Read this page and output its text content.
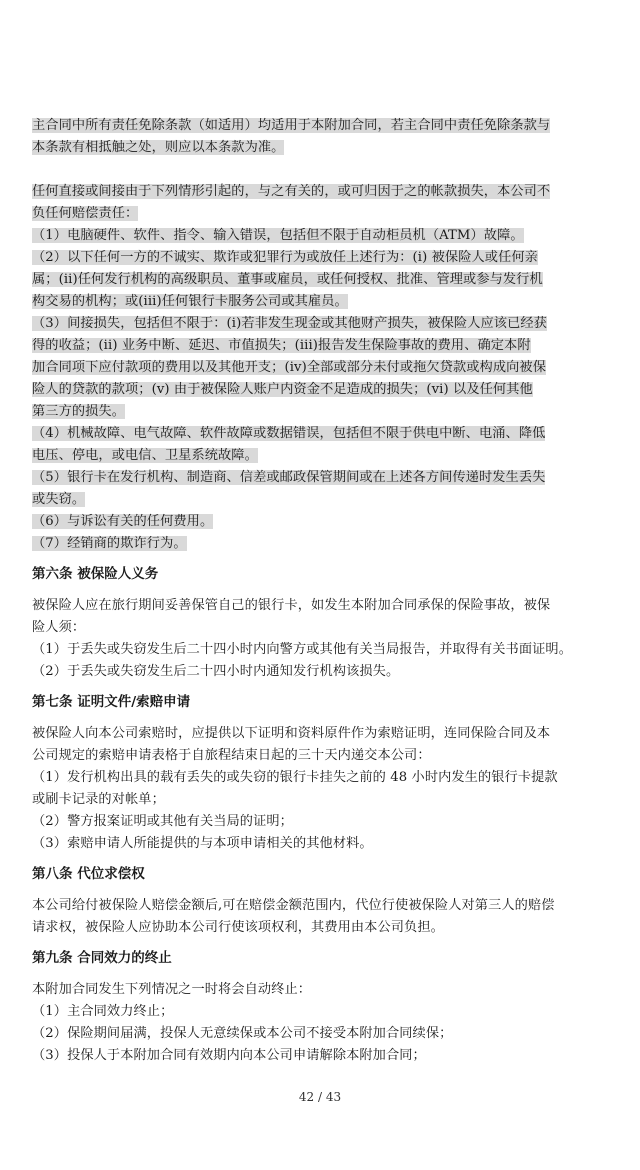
主合同中所有责任免除条款（如适用）均适用于本附加合同，若主合同中责任免除条款与
本条款有相抵触之处，则应以本条款为准。
任何直接或间接由于下列情形引起的，与之有关的，或可归因于之的帐款损失，本公司不
负任何赔偿责任：
（1）电脑硬件、软件、指令、输入错误，包括但不限于自动柜员机（ATM）故障。
（2）以下任何一方的不诚实、欺诈或犯罪行为或放任上述行为：(i) 被保险人或任何亲
属；(ii)任何发行机构的高级职员、董事或雇员，或任何授权、批准、管理或参与发行机
构交易的机构；或(iii)任何银行卡服务公司或其雇员。
（3）间接损失，包括但不限于：(i)若非发生现金或其他财产损失，被保险人应该已经获
得的收益；(ii) 业务中断、延迟、市值损失；(iii)报告发生保险事故的费用、确定本附
加合同项下应付款项的费用以及其他开支；(iv)全部或部分未付或拖欠贷款或构成向被保
险人的贷款的款项；(v) 由于被保险人账户内资金不足造成的损失；(vi) 以及任何其他
第三方的损失。
（4）机械故障、电气故障、软件故障或数据错误，包括但不限于供电中断、电涌、降低
电压、停电，或电信、卫星系统故障。
（5）银行卡在发行机构、制造商、信差或邮政保管期间或在上述各方间传递时发生丢失
或失窃。
（6）与诉讼有关的任何费用。
（7）经销商的欺诈行为。
第六条 被保险人义务
被保险人应在旅行期间妥善保管自己的银行卡，如发生本附加合同承保的保险事故，被保
险人须：
（1）于丢失或失窃发生后二十四小时内向警方或其他有关当局报告，并取得有关书面证明。
（2）于丢失或失窃发生后二十四小时内通知发行机构该损失。
第七条 证明文件/索赔申请
被保险人向本公司索赔时，应提供以下证明和资料原件作为索赔证明，连同保险合同及本
公司规定的索赔申请表格于自旅程结束日起的三十天内递交本公司：
（1）发行机构出具的载有丢失的或失窃的银行卡挂失之前的 48 小时内发生的银行卡提款
或刷卡记录的对帐单；
（2）警方报案证明或其他有关当局的证明；
（3）索赔申请人所能提供的与本项申请相关的其他材料。
第八条 代位求偿权
本公司给付被保险人赔偿金额后,可在赔偿金额范围内，代位行使被保险人对第三人的赔偿
请求权，被保险人应协助本公司行使该项权利，其费用由本公司负担。
第九条 合同效力的终止
本附加合同发生下列情况之一时将会自动终止：
（1）主合同效力终止；
（2）保险期间届满，投保人无意续保或本公司不接受本附加合同续保；
（3）投保人于本附加合同有效期内向本公司申请解除本附加合同；
42 / 43
